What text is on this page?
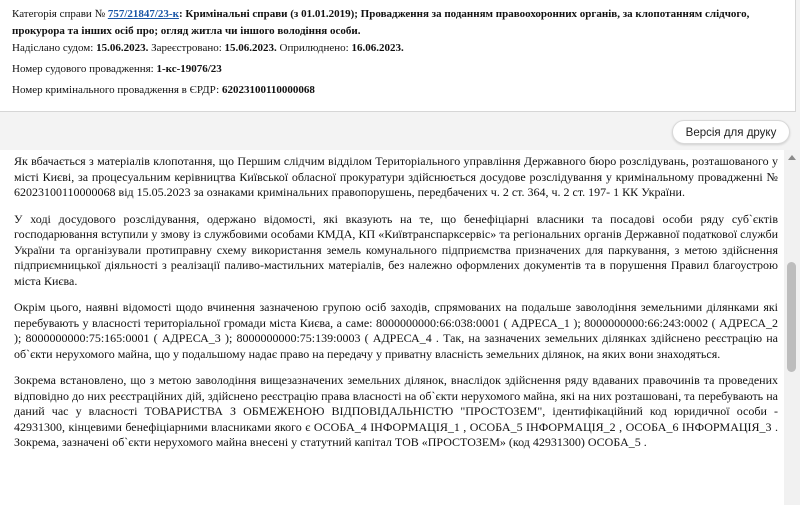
Категорія справи № 757/21847/23-к: Кримінальні справи (з 01.01.2019); Провадження за поданням правоохоронних органів, за клопотанням слідчого, прокурора та інших осіб про; огляд житла чи іншого володіння особи.

Надіслано судом: 15.06.2023. Зареєстровано: 15.06.2023. Оприлюднено: 16.06.2023.

Номер судового провадження: 1-кс-19076/23

Номер кримінального провадження в ЄРДР: 62023100110000068

Версія для друку

Як вбачається з матеріалів клопотання, що Першим слідчим відділом Територіального управління Державного бюро розслідувань, розташованого у місті Києві, за процесуальним керівництва Київської обласної прокуратури здійснюється досудове розслідування у кримінальному провадженні № 62023100110000068 від 15.05.2023 за ознаками кримінальних правопорушень, передбачених ч. 2 ст. 364, ч. 2 ст. 197- 1 КК України.

У ході досудового розслідування, одержано відомості, які вказують на те, що бенефіціарні власники та посадові особи ряду суб`єктів господарювання вступили у змову із службовими особами КМДА, КП «Київтранспарксервіс» та регіональних органів Державної податкової служби України та організували протиправну схему використання земель комунального підприємства призначених для паркування, з метою здійснення підприємницької діяльності з реалізації паливо-мастильних матеріалів, без належно оформлених документів та в порушення Правил благоустрою міста Києва.

Окрім цього, наявні відомості щодо вчинення зазначеною групою осіб заходів, спрямованих на подальше заволодіння земельними ділянками які перебувають у власності територіальної громади міста Києва, а саме: 8000000000:66:038:0001 ( АДРЕСА_1 ); 8000000000:66:243:0002 ( АДРЕСА_2 ); 8000000000:75:165:0001 ( АДРЕСА_3 ); 8000000000:75:139:0003 ( АДРЕСА_4 . Так, на зазначених земельних ділянках здійснено реєстрацію на об`єкти нерухомого майна, що у подальшому надає право на передачу у приватну власність земельних ділянок, на яких вони знаходяться.

Зокрема встановлено, що з метою заволодіння вищезазначених земельних ділянок, внаслідок здійснення ряду вдаваних правочинів та проведених відповідно до них реєстраційних дій, здійснено реєстрацію права власності на об`єкти нерухомого майна, які на них розташовані, та перебувають на даний час у власності ТОВАРИСТВА З ОБМЕЖЕНОЮ ВІДПОВІДАЛЬНІСТЮ "ПРОСТОЗЕМ", ідентифікаційний код юридичної особи - 42931300, кінцевими бенефіціарними власниками якого є ОСОБА_4 ІНФОРМАЦІЯ_1 , ОСОБА_5 ІНФОРМАЦІЯ_2 , ОСОБА_6 ІНФОРМАЦІЯ_3 . Зокрема, зазначені об`єкти нерухомого майна внесені у статутний капітал ТОВ «ПРОСТОЗЕМ» (код 42931300) ОСОБА_5 .
